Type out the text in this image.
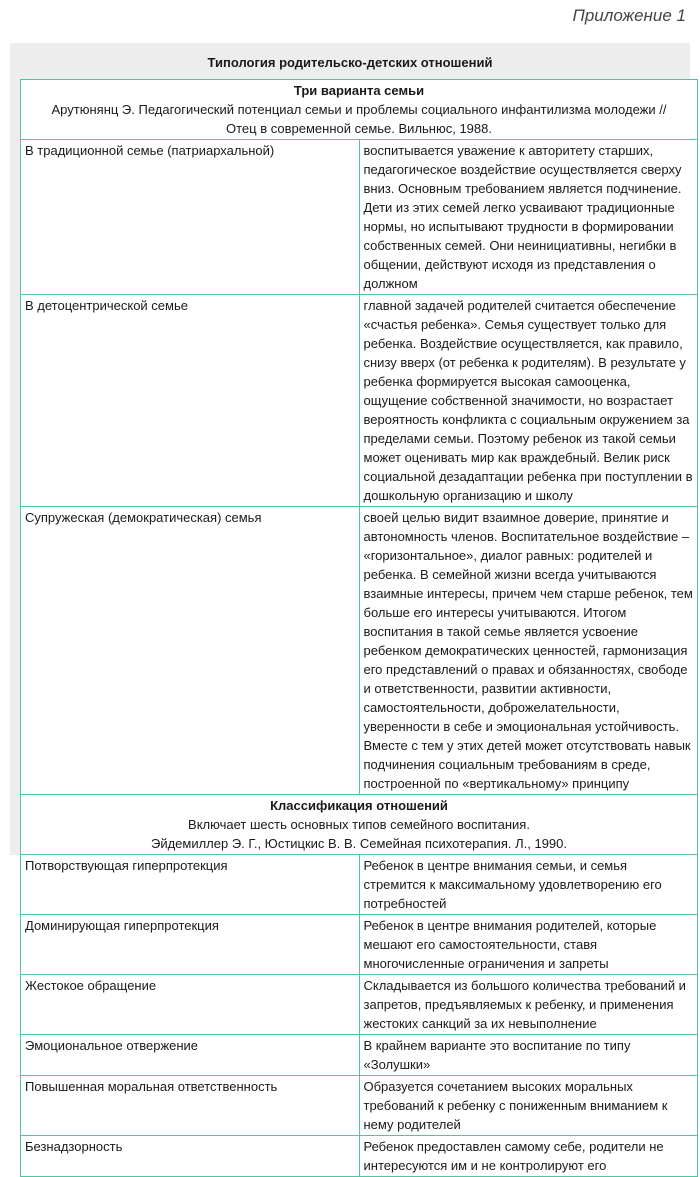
Приложение 1
Типология родительско-детских отношений
Три варианта семьи
Арутюнянц Э. Педагогический потенциал семьи и проблемы социального инфантилизма молодежи //
Отец в современной семье. Вильнюс, 1988.	

В традиционной семье (патриархальной)	воспитывается уважение к авторитету старших, педагогическое воздействие осуществляется сверху вниз. Основным требованием является подчинение. Дети из этих семей легко усваивают традиционные нормы, но испытывают трудности в формировании собственных семей. Они неинициативны, негибки в общении, действуют исходя из представления о должном
В детоцентрической семье	главной задачей родителей считается обеспечение «счастья ребенка». Семья существует только для ребенка. Воздействие осуществляется, как правило, снизу вверх (от ребенка к родителям). В результате у ребенка формируется высокая самооценка, ощущение собственной значимости, но возрастает вероятность конфликта с социальным окружением за пределами семьи. Поэтому ребенок из такой семьи может оценивать мир как враждебный. Велик риск социальной дезадаптации ребенка при поступлении в дошкольную организацию и школу
Супружеская (демократическая) семья	своей целью видит взаимное доверие, принятие и автономность членов. Воспитательное воздействие – «горизонтальное», диалог равных: родителей и ребенка. В семейной жизни всегда учитываются взаимные интересы, причем чем старше ребенок, тем больше его интересы учитываются. Итогом воспитания в такой семье является усвоение ребенком демократических ценностей, гармонизация его представлений о правах и обязанностях, свободе и ответственности, развитии активности, самостоятельности, доброжелательности, уверенности в себе и эмоциональная устойчивость. Вместе с тем у этих детей может отсутствовать навык подчинения социальным требованиям в среде, построенной по «вертикальному» принципу

Классификация отношений
Включает шесть основных типов семейного воспитания.
Эйдемиллер Э. Г., Юстицкис В. В. Семейная психотерапия. Л., 1990.	

Потворствующая гиперпротекция	Ребенок в центре внимания семьи, и семья стремится к максимальному удовлетворению его потребностей
Доминирующая гиперпротекция	Ребенок в центре внимания родителей, которые мешают его самостоятельности, ставя многочисленные ограничения и запреты
Жестокое обращение	Складывается из большого количества требований и запретов, предъявляемых к ребенку, и применения жестоких санкций за их невыполнение
Эмоциональное отвержение	В крайнем варианте это воспитание по типу «Золушки»
Повышенная моральная ответственность	Образуется сочетанием высоких моральных требований к ребенку с пониженным вниманием к нему родителей
Безнадзорность	Ребенок предоставлен самому себе, родители не интересуются им и не контролируют его
